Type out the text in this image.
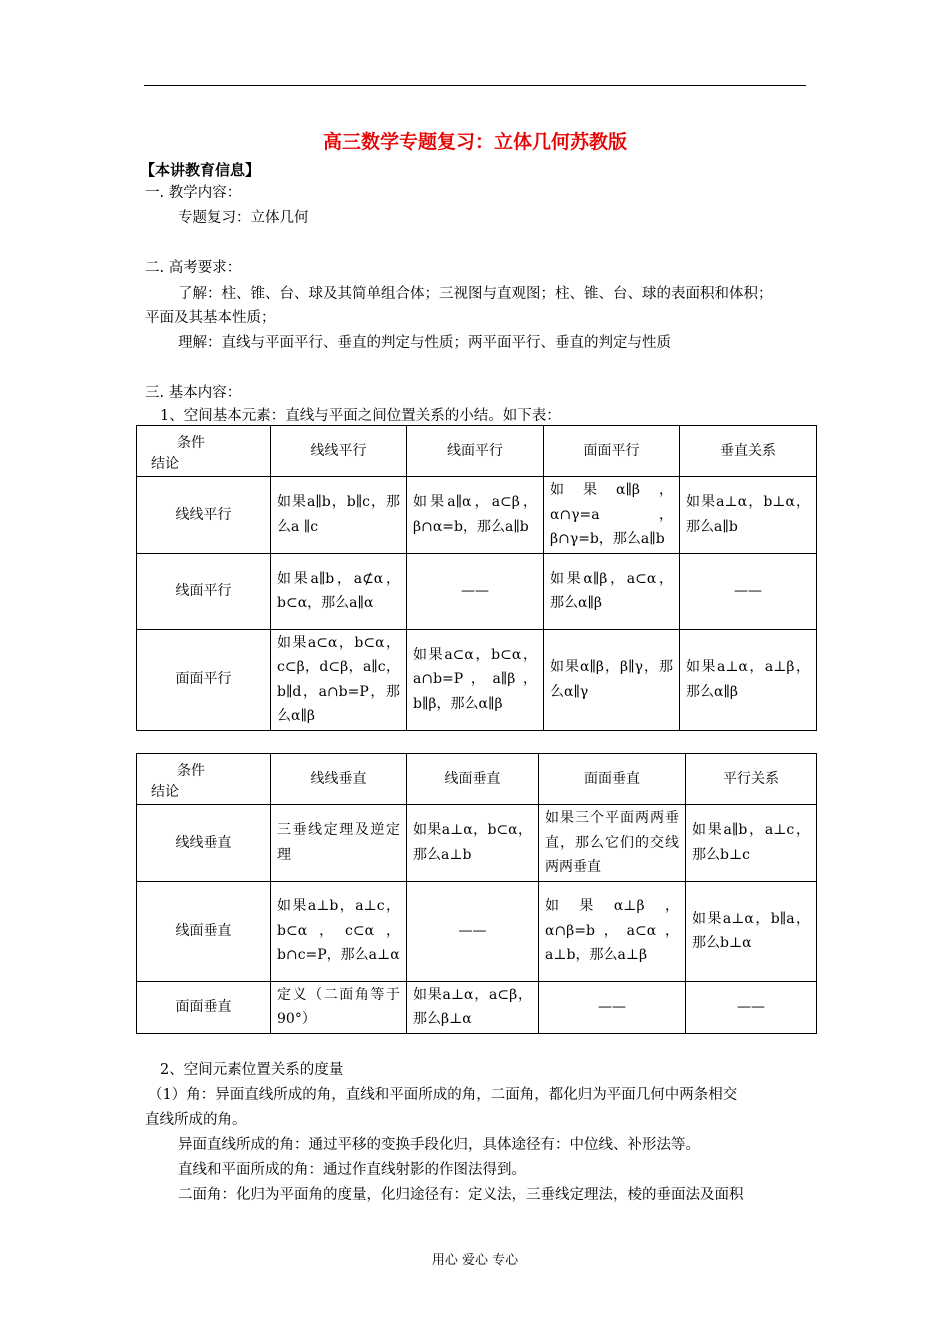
高三数学专题复习：立体几何苏教版
【本讲教育信息】
一. 教学内容：
专题复习：立体几何
二. 高考要求：
了解：柱、锥、台、球及其简单组合体；三视图与直观图；柱、锥、台、球的表面积和体积；
平面及其基本性质；
理解：直线与平面平行、垂直的判定与性质；两平面平行、垂直的判定与性质
三. 基本内容：
1、空间基本元素：直线与平面之间位置关系的小结。如下表：
条件
结论	线线平行	线面平行	面面平行	垂直关系
线线平行	如果a∥b，b∥c，那么a ∥c	如果a∥α，a⊂β，β∩α=b，那么a∥b	如果α∥β，α∩γ=a，β∩γ=b，那么a∥b	如果a⊥α，b⊥α，那么a∥b
线面平行	如果a∥b，a⊄α，b⊂α，那么a∥α	——	如果α∥β，a⊂α，那么α∥β	——
面面平行	如果a⊂α，b⊂α，c⊂β，d⊂β，a∥c，b∥d，a∩b=P，那么α∥β	如果a⊂α，b⊂α，a∩b=P，a∥β，b∥β，那么α∥β	如果α∥β，β∥γ，那么α∥γ	如果a⊥α，a⊥β，那么α∥β
条件
结论	线线垂直	线面垂直	面面垂直	平行关系
线线垂直	三垂线定理及逆定理	如果a⊥α，b⊂α，那么a⊥b	如果三个平面两两垂直，那么它们的交线两两垂直	如果a∥b，a⊥c，那么b⊥c
线面垂直	如果a⊥b，a⊥c，b⊂α，c⊂α，b∩c=P，那么a⊥α	——	如果α⊥β，α∩β=b，a⊂α，a⊥b，那么a⊥β	如果a⊥α，b∥a，那么b⊥α
面面垂直	定义（二面角等于90°）	如果a⊥α，a⊂β，那么β⊥α	——	——
2、空间元素位置关系的度量
（1）角：异面直线所成的角，直线和平面所成的角，二面角，都化归为平面几何中两条相交
直线所成的角。
异面直线所成的角：通过平移的变换手段化归，具体途径有：中位线、补形法等。
直线和平面所成的角：通过作直线射影的作图法得到。
二面角：化归为平面角的度量，化归途径有：定义法，三垂线定理法，棱的垂面法及面积
用心 爱心 专心
